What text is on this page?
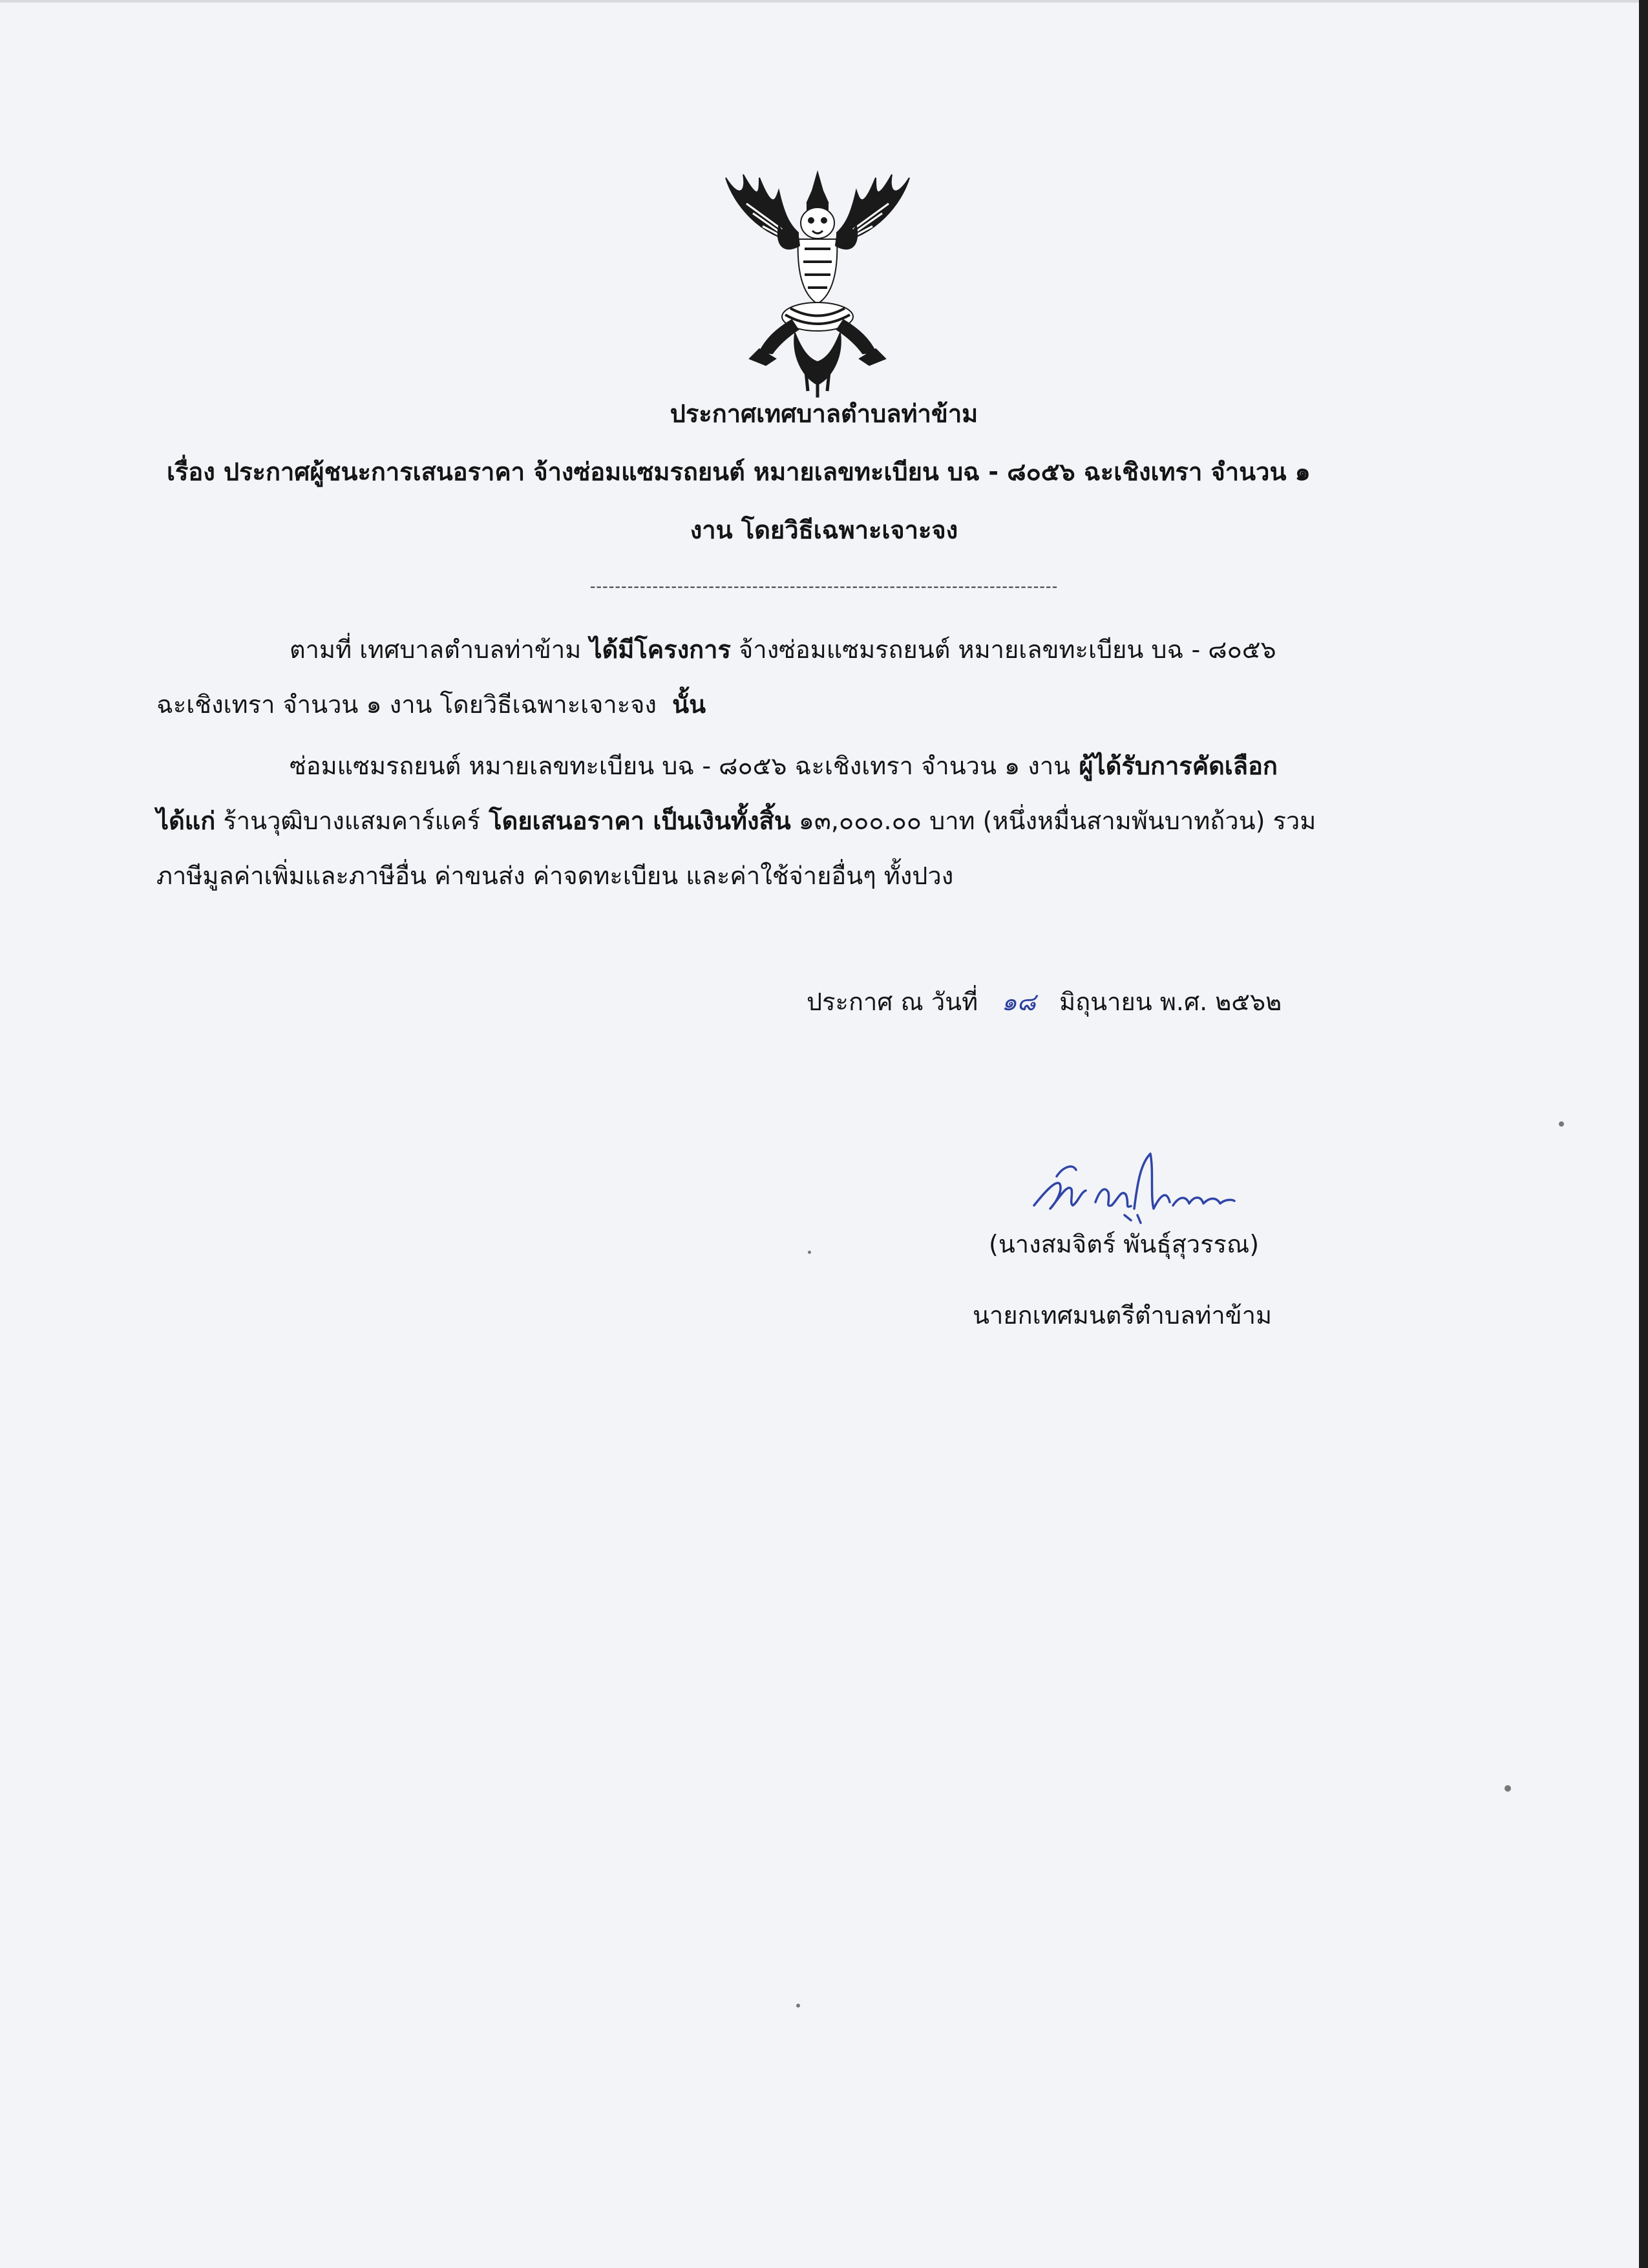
ประกาศเทศบาลตำบลท่าข้าม
เรื่อง ประกาศผู้ชนะการเสนอราคา จ้างซ่อมแซมรถยนต์ หมายเลขทะเบียน บฉ - ๘๐๕๖ ฉะเชิงเทรา จำนวน ๑
งาน โดยวิธีเฉพาะเจาะจง
---------------------------------------------------------------------------
ตามที่ เทศบาลตำบลท่าข้าม ได้มีโครงการ จ้างซ่อมแซมรถยนต์ หมายเลขทะเบียน บฉ - ๘๐๕๖
ฉะเชิงเทรา จำนวน ๑ งาน โดยวิธีเฉพาะเจาะจง นั้น
ซ่อมแซมรถยนต์ หมายเลขทะเบียน บฉ - ๘๐๕๖ ฉะเชิงเทรา จำนวน ๑ งาน ผู้ได้รับการคัดเลือก
ได้แก่ ร้านวุฒิบางแสมคาร์แคร์ โดยเสนอราคา เป็นเงินทั้งสิ้น ๑๓,๐๐๐.๐๐ บาท (หนึ่งหมื่นสามพันบาทถ้วน) รวม
ภาษีมูลค่าเพิ่มและภาษีอื่น ค่าขนส่ง ค่าจดทะเบียน และค่าใช้จ่ายอื่นๆ ทั้งปวง
ประกาศ ณ วันที่ ๑๘ มิถุนายน พ.ศ. ๒๕๖๒
(นางสมจิตร์ พันธุ์สุวรรณ)
นายกเทศมนตรีตำบลท่าข้าม
